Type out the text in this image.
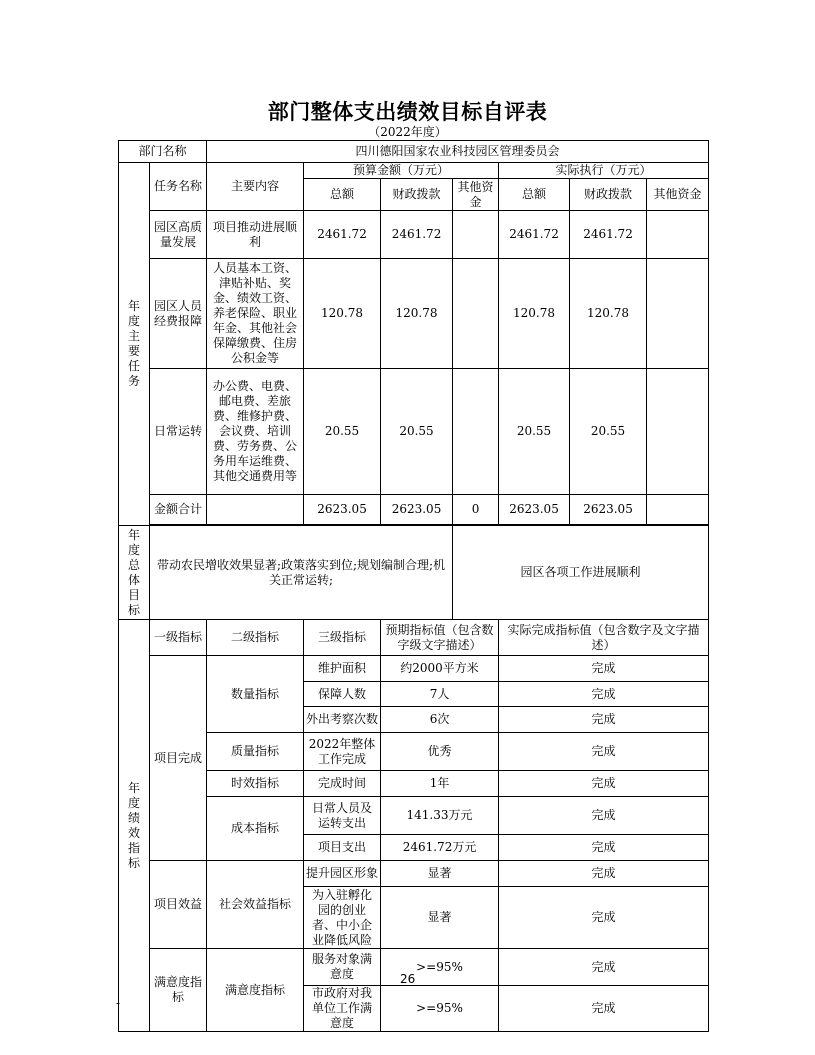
部门整体支出绩效目标自评表
（2022年度）
部门名称		四川德阳国家农业科技园区管理委员会						
年度主要任务	任务名称	主要内容	预算金额（万元）			实际执行（万元）		
			总额	财政拨款	其他资金	总额	财政拨款	其他资金
	园区高质量发展	项目推动进展顺利	2461.72	2461.72		2461.72	2461.72	
	园区人员经费报障	人员基本工资、津贴补贴、奖金、绩效工资、养老保险、职业年金、其他社会保障缴费、住房公积金等	120.78	120.78		120.78	120.78	
	日常运转	办公费、电费、邮电费、差旅费、维修护费、会议费、培训费、劳务费、公务用车运维费、其他交通费用等	20.55	20.55		20.55	20.55	
	金额合计		2623.05	2623.05	0	2623.05	2623.05	

年度总体目标	带动农民增收效果显著;政策落实到位;规划编制合理;机关正常运转;				园区各项工作进展顺利			
年度绩效指标	一级指标	二级指标	三级指标	预期指标值（包含数字级文字描述）		实际完成指标值（包含数字及文字描述）		
	项目完成	数量指标	维护面积	约2000平方米		完成		
			保障人数	7人		完成		
			外出考察次数	6次		完成		
		质量指标	2022年整体工作完成	优秀		完成		
		时效指标	完成时间	1年		完成		
		成本指标	日常人员及运转支出	141.33万元		完成		
			项目支出	2461.72万元		完成		
	项目效益	社会效益指标	提升园区形象	显著		完成		
			为入驻孵化园的创业者、中小企业降低风险	显著		完成		
	满意度指标	满意度指标	服务对象满意度	>=95%		完成		
			市政府对我单位工作满意度	>=95%		完成		
26
-
